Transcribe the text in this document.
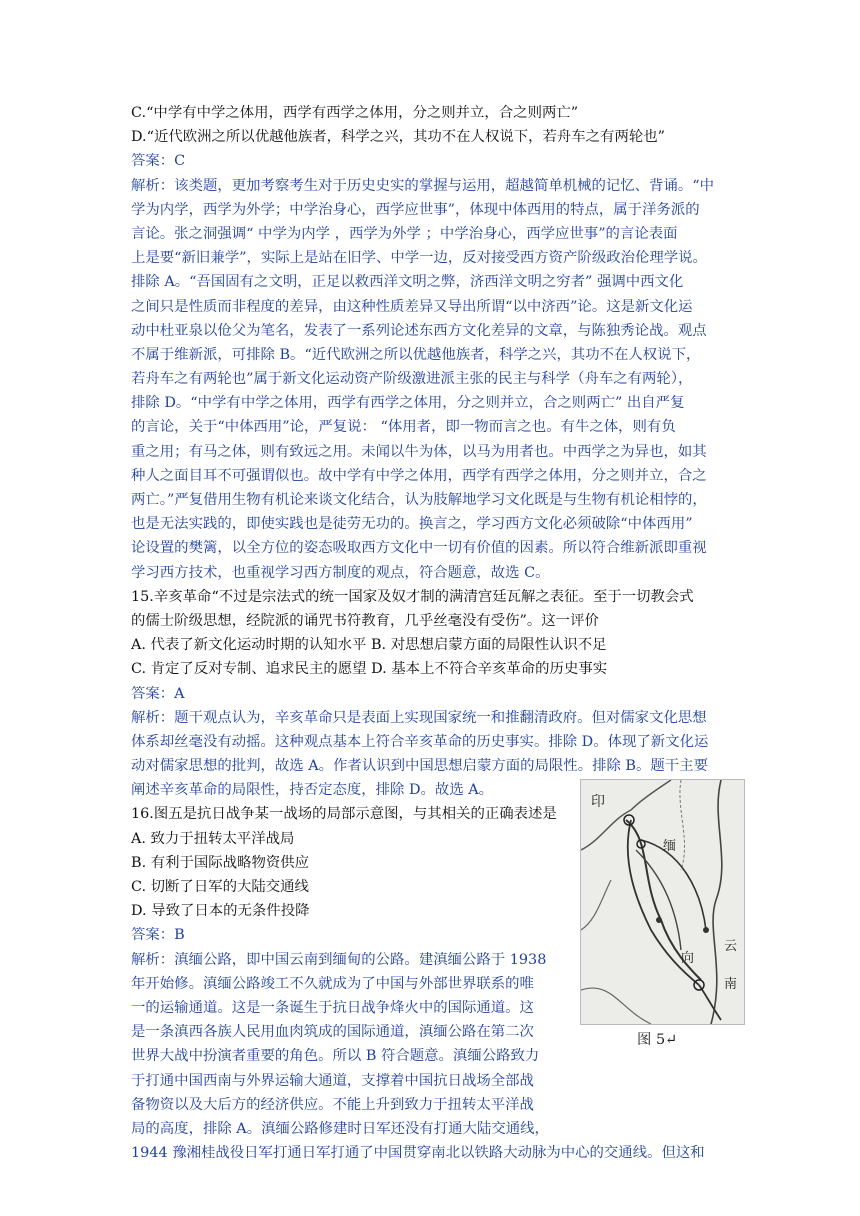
C.“中学有中学之体用，西学有西学之体用，分之则并立，合之则两亡”
D.“近代欧洲之所以优越他族者，科学之兴，其功不在人权说下，若舟车之有两轮也”
答案：C
解析：该类题，更加考察考生对于历史史实的掌握与运用，超越简单机械的记忆、背诵。“中
学为内学，西学为外学；中学治身心，西学应世事”，体现中体西用的特点，属于洋务派的
言论。张之洞强调“ 中学为内学 ，西学为外学 ；中学治身心，西学应世事”的言论表面
上是要“新旧兼学”，实际上是站在旧学、中学一边，反对接受西方资产阶级政治伦理学说。
排除 A。“吾国固有之文明，正足以救西洋文明之弊，济西洋文明之穷者” 强调中西文化
之间只是性质而非程度的差异，由这种性质差异又导出所谓“以中济西”论。这是新文化运
动中杜亚泉以伧父为笔名，发表了一系列论述东西方文化差异的文章，与陈独秀论战。观点
不属于维新派，可排除 B。“近代欧洲之所以优越他族者，科学之兴，其功不在人权说下，
若舟车之有两轮也”属于新文化运动资产阶级激进派主张的民主与科学（舟车之有两轮），
排除 D。“中学有中学之体用，西学有西学之体用，分之则并立，合之则两亡” 出自严复
的言论，关于“中体西用”论，严复说： “体用者，即一物而言之也。有牛之体，则有负
重之用；有马之体，则有致远之用。未闻以牛为体，以马为用者也。中西学之为异也，如其
种人之面目耳不可强谓似也。故中学有中学之体用，西学有西学之体用，分之则并立，合之
两亡。”严复借用生物有机论来谈文化结合，认为肢解地学习文化既是与生物有机论相悖的，
也是无法实践的，即使实践也是徒劳无功的。换言之，学习西方文化必须破除“中体西用”
论设置的樊篱，以全方位的姿态吸取西方文化中一切有价值的因素。所以符合维新派即重视
学习西方技术，也重视学习西方制度的观点，符合题意，故选 C。
15.辛亥革命“不过是宗法式的统一国家及奴才制的满清宫廷瓦解之表征。至于一切教会式
的儒士阶级思想，经院派的诵咒书符教育，几乎丝毫没有受伤”。这一评价
A. 代表了新文化运动时期的认知水平 B. 对思想启蒙方面的局限性认识不足
C. 肯定了反对专制、追求民主的愿望 D. 基本上不符合辛亥革命的历史事实
答案：A
解析：题干观点认为，辛亥革命只是表面上实现国家统一和推翻清政府。但对儒家文化思想
体系却丝毫没有动摇。这种观点基本上符合辛亥革命的历史事实。排除 D。体现了新文化运
动对儒家思想的批判，故选 A。作者认识到中国思想启蒙方面的局限性。排除 B。题干主要
阐述辛亥革命的局限性，持否定态度，排除 D。故选 A。
16.图五是抗日战争某一战场的局部示意图，与其相关的正确表述是
A. 致力于扭转太平洋战局
B. 有利于国际战略物资供应
C. 切断了日军的大陆交通线
D. 导致了日本的无条件投降
答案：B
解析：滇缅公路，即中国云南到缅甸的公路。建滇缅公路于 1938
年开始修。滇缅公路竣工不久就成为了中国与外部世界联系的唯
一的运输通道。这是一条诞生于抗日战争烽火中的国际通道。这
是一条滇西各族人民用血肉筑成的国际通道，滇缅公路在第二次
世界大战中扮演者重要的角色。所以 B 符合题意。滇缅公路致力
于打通中国西南与外界运输大通道，支撑着中国抗日战场全部战
备物资以及大后方的经济供应。不能上升到致力于扭转太平洋战
局的高度，排除 A。滇缅公路修建时日军还没有打通大陆交通线，
1944 豫湘桂战役日军打通日军打通了中国贯穿南北以铁路大动脉为中心的交通线。但这和
印
缅
云
南
向
图 5↵
